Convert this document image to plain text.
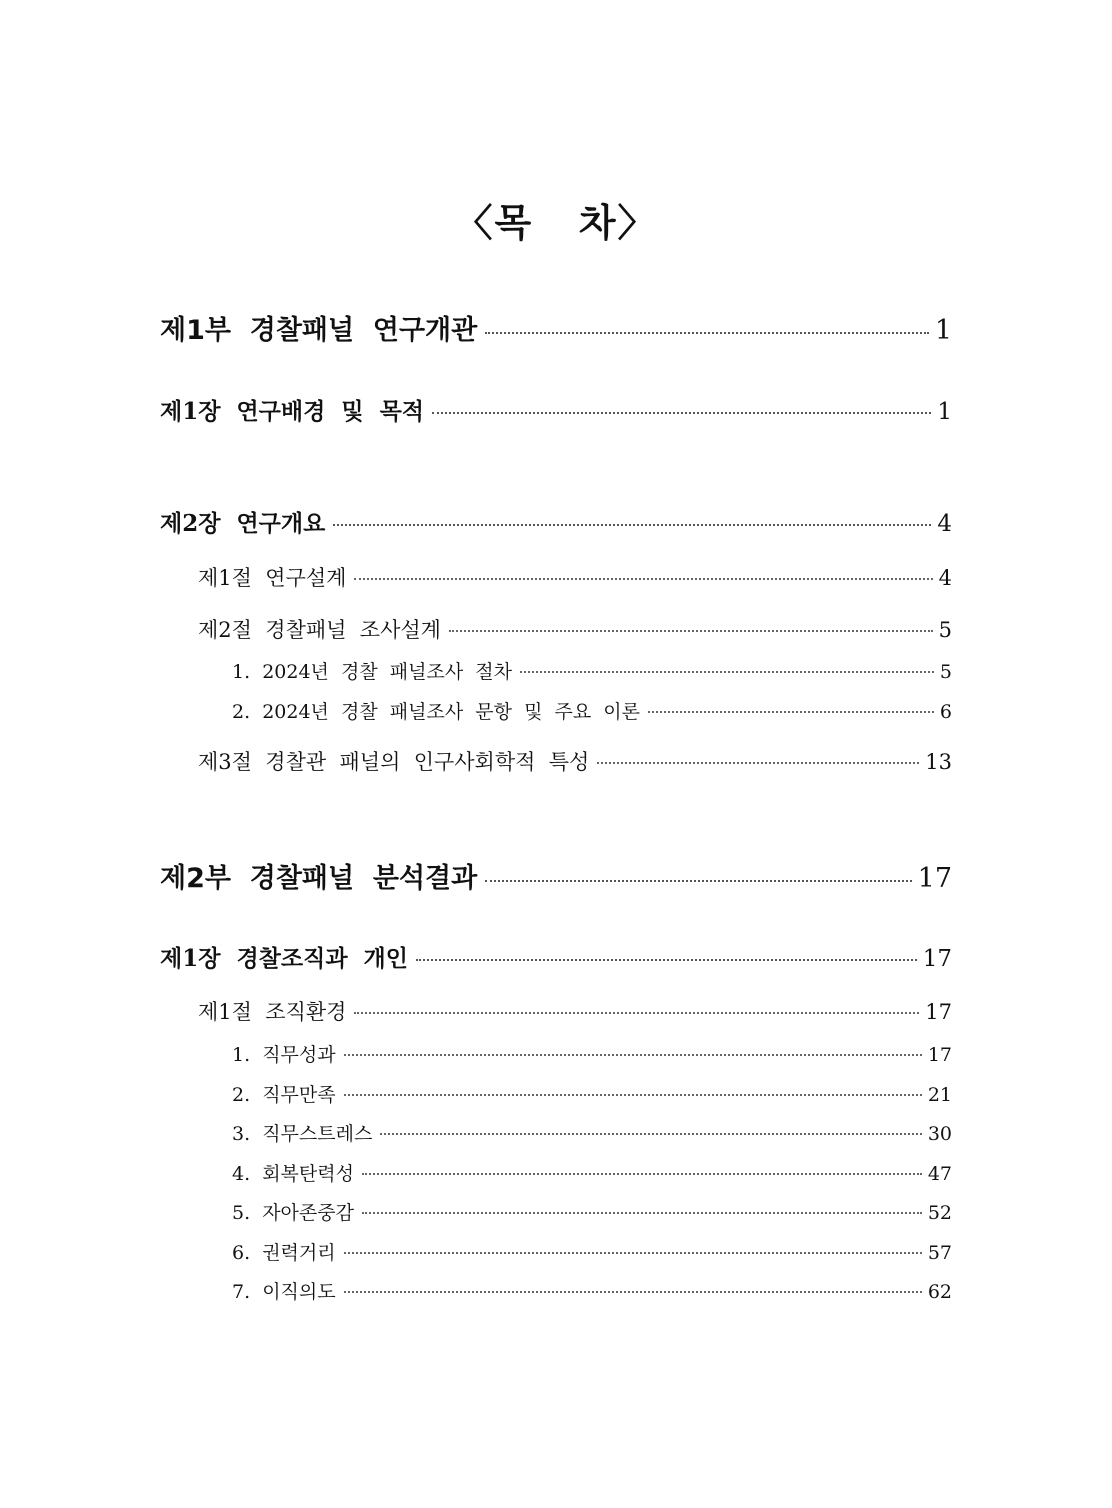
〈목   차〉
제1부  경찰패널  연구개관	1
제1장  연구배경  및  목적	1
제2장  연구개요	4
제1절  연구설계	4
제2절  경찰패널  조사설계	5
1.  2024년  경찰  패널조사  절차	5
2.  2024년  경찰  패널조사  문항  및  주요  이론	6
제3절  경찰관  패널의  인구사회학적  특성	13
제2부  경찰패널  분석결과	17
제1장  경찰조직과  개인	17
제1절  조직환경	17
1.  직무성과	17
2.  직무만족	21
3.  직무스트레스	30
4.  회복탄력성	47
5.  자아존중감	52
6.  권력거리	57
7.  이직의도	62
